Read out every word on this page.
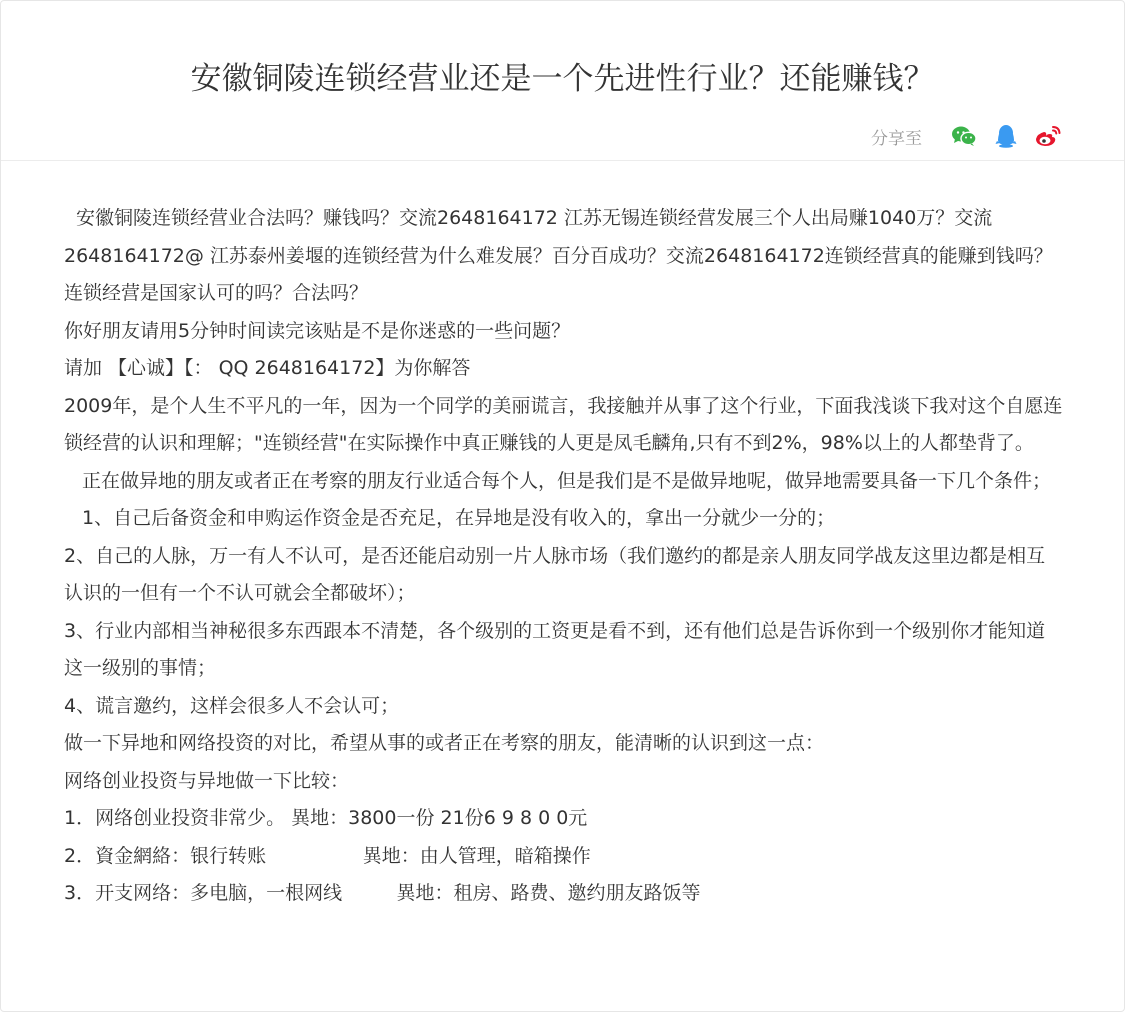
安徽铜陵连锁经营业还是一个先进性行业？还能赚钱？
分享至

安徽铜陵连锁经营业合法吗？赚钱吗？交流2648164172 江苏无锡连锁经营发展三个人出局赚1040万？交流2648164172@ 江苏泰州姜堰的连锁经营为什么难发展？百分百成功？交流2648164172连锁经营真的能赚到钱吗？

连锁经营是国家认可的吗？合法吗？

你好朋友请用5分钟时间读完该贴是不是你迷惑的一些问题？

请加 【心诚】【： QQ 2648164172】为你解答

2009年，是个人生不平凡的一年，因为一个同学的美丽谎言，我接触并从事了这个行业，下面我浅谈下我对这个自愿连锁经营的认识和理解；"连锁经营"在实际操作中真正赚钱的人更是凤毛麟角,只有不到2%，98%以上的人都垫背了。

正在做异地的朋友或者正在考察的朋友行业适合每个人，但是我们是不是做异地呢，做异地需要具备一下几个条件；

1、自己后备资金和申购运作资金是否充足，在异地是没有收入的，拿出一分就少一分的；

2、自己的人脉，万一有人不认可，是否还能启动别一片人脉市场（我们邀约的都是亲人朋友同学战友这里边都是相互认识的一但有一个不认可就会全都破坏）；

3、行业内部相当神秘很多东西跟本不清楚，各个级别的工资更是看不到，还有他们总是告诉你到一个级别你才能知道这一级别的事情；

4、谎言邀约，这样会很多人不会认可；

做一下异地和网络投资的对比，希望从事的或者正在考察的朋友，能清晰的认识到这一点：

网络创业投资与异地做一下比较：

1．网络创业投资非常少。 異地：3800一份 21份6 9 8 0 0元

2．資金網絡：银行转账                異地：由人管理，暗箱操作

3．开支网络：多电脑，一根网线         異地：租房、路费、邀约朋友路饭等
